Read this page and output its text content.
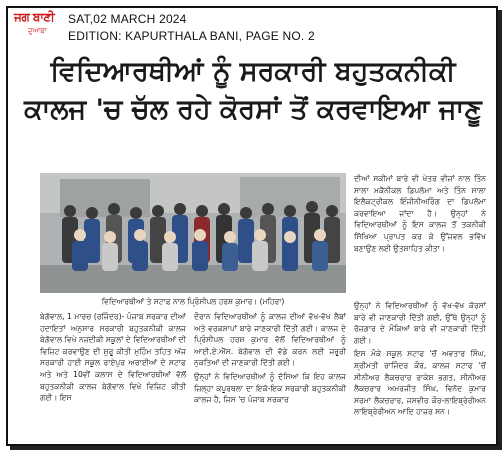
ਜਗ ਬਾਣੀ
ਦੁਆਬਾ
SAT,02 MARCH 2024
EDITION: KAPURTHALA BANI, PAGE NO. 2
ਵਿਦਿਆਰਥੀਆਂ ਨੂੰ ਸਰਕਾਰੀ ਬਹੁਤਕਨੀਕੀ
ਕਾਲਜ 'ਚ ਚੱਲ ਰਹੇ ਕੋਰਸਾਂ ਤੋਂ ਕਰਵਾਇਆ ਜਾਣੂ
ਵਿਦਿਆਰਥੀਆਂ ਤੇ ਸਟਾਫ ਨਾਲ ਪ੍ਰਿੰਸੀਪਲ ਹਰਸ਼ ਕੁਮਾਰ। (ਮਹਿਰਾ)

ਦੀਆਂ ਸਕੀਮਾਂ ਬਾਰੇ ਵੀ ਖੇਤਰ ਵੀਜ਼ਾਂ ਨਾਲ ਤਿੰਨ ਸਾਲਾ ਮਕੈਨੀਕਲ ਡਿਪਲੋਮਾ ਅਤੇ ਤਿੰਨ ਸਾਲਾ ਇਲੈਕਟ੍ਰੀਕਲ ਇੰਜੀਨੀਅਰਿੰਗ ਦਾ ਡਿਪਲੋਮਾ ਕਰਵਾਇਆ ਜਾਂਦਾ ਹੈ। ਉਨ੍ਹਾਂ ਨੇ ਵਿਦਿਆਰਥੀਆਂ ਨੂੰ ਇਸ ਕਾਲਜ ਤੋਂ ਤਕਨੀਕੀ ਸਿੱਖਿਆ ਪ੍ਰਾਪਤ ਕਰ ਕੇ ਉੱਜਵਲ ਭਵਿੱਖ ਬਣਾਉਣ ਲਈ ਉਤਸ਼ਾਹਿਤ ਕੀਤਾ।

ਉਨ੍ਹਾਂ ਨੇ ਵਿਦਿਆਰਥੀਆਂ ਨੂੰ ਵੱਖ-ਵੱਖ ਕੋਰਸਾਂ ਬਾਰੇ ਵੀ ਜਾਣਕਾਰੀ ਦਿੱਤੀ ਗਈ, ਉੱਥੇ ਉਨ੍ਹਾਂ ਨੂੰ ਰੋਜ਼ਗਾਰ ਦੇ ਮੌਕਿਆਂ ਬਾਰੇ ਵੀ ਜਾਣਕਾਰੀ ਦਿੱਤੀ ਗਈ।

ਇਸ ਮੌਕੇ ਸਕੂਲ ਸਟਾਫ 'ਚੋਂ ਅਵਤਾਰ ਸਿੰਘ, ਸ਼੍ਰੀਮਤੀ ਰਾਜਿੰਦਰ ਕੌਰ, ਕਾਲਜ ਸਟਾਫ 'ਚੋਂ ਸੀਨੀਅਰ ਲੈਕਚਰਾਰ ਰਾਕੇਸ਼ ਭਗਤ, ਸੀਨੀਅਰ ਲੈਕਚਰਾਰ ਅਮਰਜੀਤ ਸਿੰਘ, ਵਿਨੋਦ ਕੁਮਾਰ ਸਰਮਾ ਲੈਕਚਰਾਰ, ਜਸਵੀਰ ਕੌਰ-ਲਾਇਬ੍ਰੇਰੀਅਨ ਲਾਇਬ੍ਰੇਰੀਅਨ ਆਦਿ ਹਾਜ਼ਰ ਸਨ।

ਬੇਗੋਵਾਲ, 1 ਮਾਰਚ (ਰਜਿੰਦਰ)- ਪੰਜਾਬ ਸਰਕਾਰ ਦੀਆਂ ਹਦਾਇਤਾਂ ਅਨੁਸਾਰ ਸਰਕਾਰੀ ਬਹੁਤਕਨੀਕੀ ਕਾਲਜ ਬੇਗੋਵਾਲ ਵਿਖੇ ਨਜ਼ਦੀਕੀ ਸਕੂਲਾਂ ਦੇ ਵਿਦਿਆਰਥੀਆਂ ਦੀ ਵਿਜ਼ਿਟ ਕਰਵਾਉਣ ਦੀ ਸ਼ੁਰੂ ਕੀਤੀ ਮੁਹਿੰਮ ਤਹਿਤ ਅੱਜ ਸਰਕਾਰੀ ਹਾਈ ਸਕੂਲ ਰਾਏਪੁਰ ਅਰਾਈਆਂ ਦੇ ਸਟਾਫ ਅਤੇ ਅਤੇ 10ਵੀਂ ਕਲਾਸ ਦੇ ਵਿਦਿਆਰਥੀਆਂ ਵੱਲੋਂ ਬਹੁਤਕਨੀਕੀ ਕਾਲਜ ਬੇਗੋਵਾਲ ਵਿਖੇ ਵਿਜ਼ਿਟ ਕੀਤੀ ਗਈ। ਇਸ

ਦੌਰਾਨ ਵਿਦਿਆਰਥੀਆਂ ਨੂੰ ਕਾਲਜ ਦੀਆਂ ਵੱਖ-ਵੱਖ ਲੈਬਾਂ ਅਤੇ ਵਰਕਸ਼ਾਪਾਂ ਬਾਰੇ ਜਾਣਕਾਰੀ ਦਿੱਤੀ ਗਈ। ਕਾਲਜ ਦੇ ਪ੍ਰਿੰਸੀਪਲ ਹਰਸ਼ ਕੁਮਾਰ ਵੱਲੋਂ ਵਿਦਿਆਰਥੀਆਂ ਨੂੰ ਆਈ.ਏ.ਐੱਸ. ਬੇਗੋਵਾਲ ਦੀ ਵੱਡੇ ਕਰਨ ਲਈ ਜਰੂਰੀ ਨੁਕਤਿਆਂ ਦੀ ਜਾਣਕਾਰੀ ਦਿੱਤੀ ਗਈ।

ਉਨ੍ਹਾਂ ਨੇ ਵਿਦਿਆਰਥੀਆਂ ਨੂੰ ਦੱਸਿਆ ਕਿ ਇਹ ਕਾਲਜ ਜ਼ਿਲ੍ਹਾ ਕਪੂਰਥਲਾ ਦਾ ਇਕੋ-ਇਕ ਸਰਕਾਰੀ ਬਹੁਤਕਨੀਕੀ ਕਾਲਜ ਹੈ, ਜਿਸ 'ਚ ਪੰਜਾਬ ਸਰਕਾਰ
